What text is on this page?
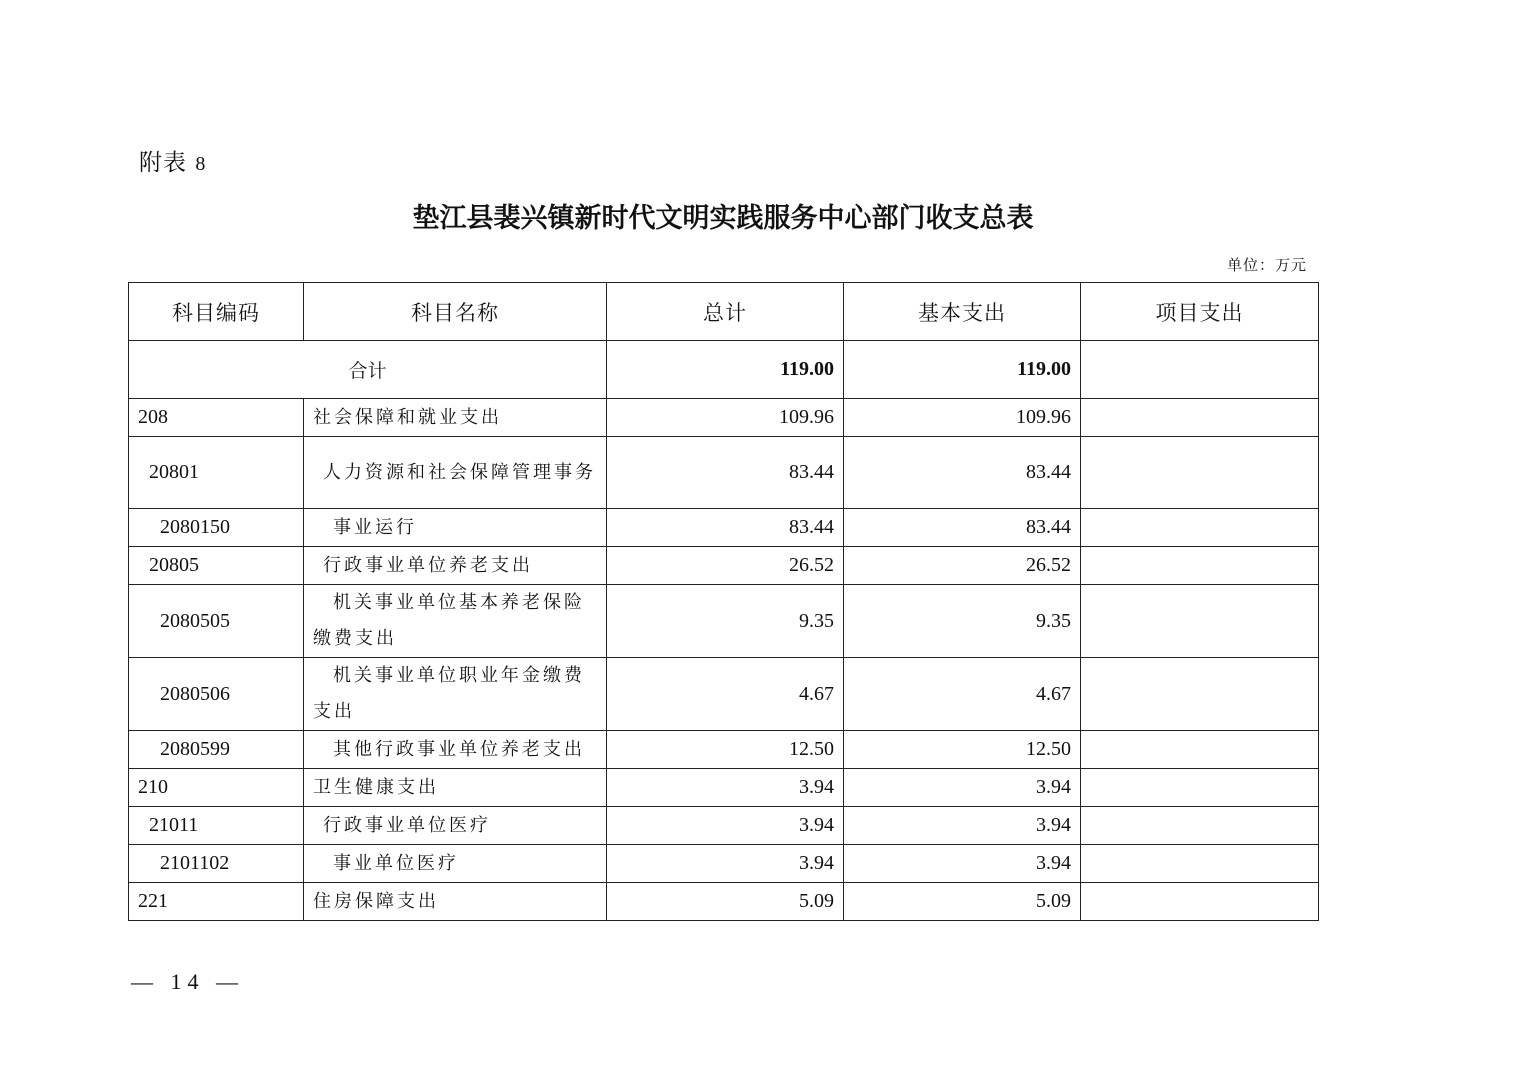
附表 8
垫江县裴兴镇新时代文明实践服务中心部门收支总表
单位：万元
科目编码	科目名称	总计	基本支出	项目支出
合计		119.00	119.00	
208	社会保障和就业支出	109.96	109.96	
20801	人力资源和社会保障管理事务	83.44	83.44	
2080150	事业运行	83.44	83.44	
20805	行政事业单位养老支出	26.52	26.52	
2080505	机关事业单位基本养老保险缴费支出	9.35	9.35	
2080506	机关事业单位职业年金缴费支出	4.67	4.67	
2080599	其他行政事业单位养老支出	12.50	12.50	
210	卫生健康支出	3.94	3.94	
21011	行政事业单位医疗	3.94	3.94	
2101102	事业单位医疗	3.94	3.94	
221	住房保障支出	5.09	5.09	
— 14 —
